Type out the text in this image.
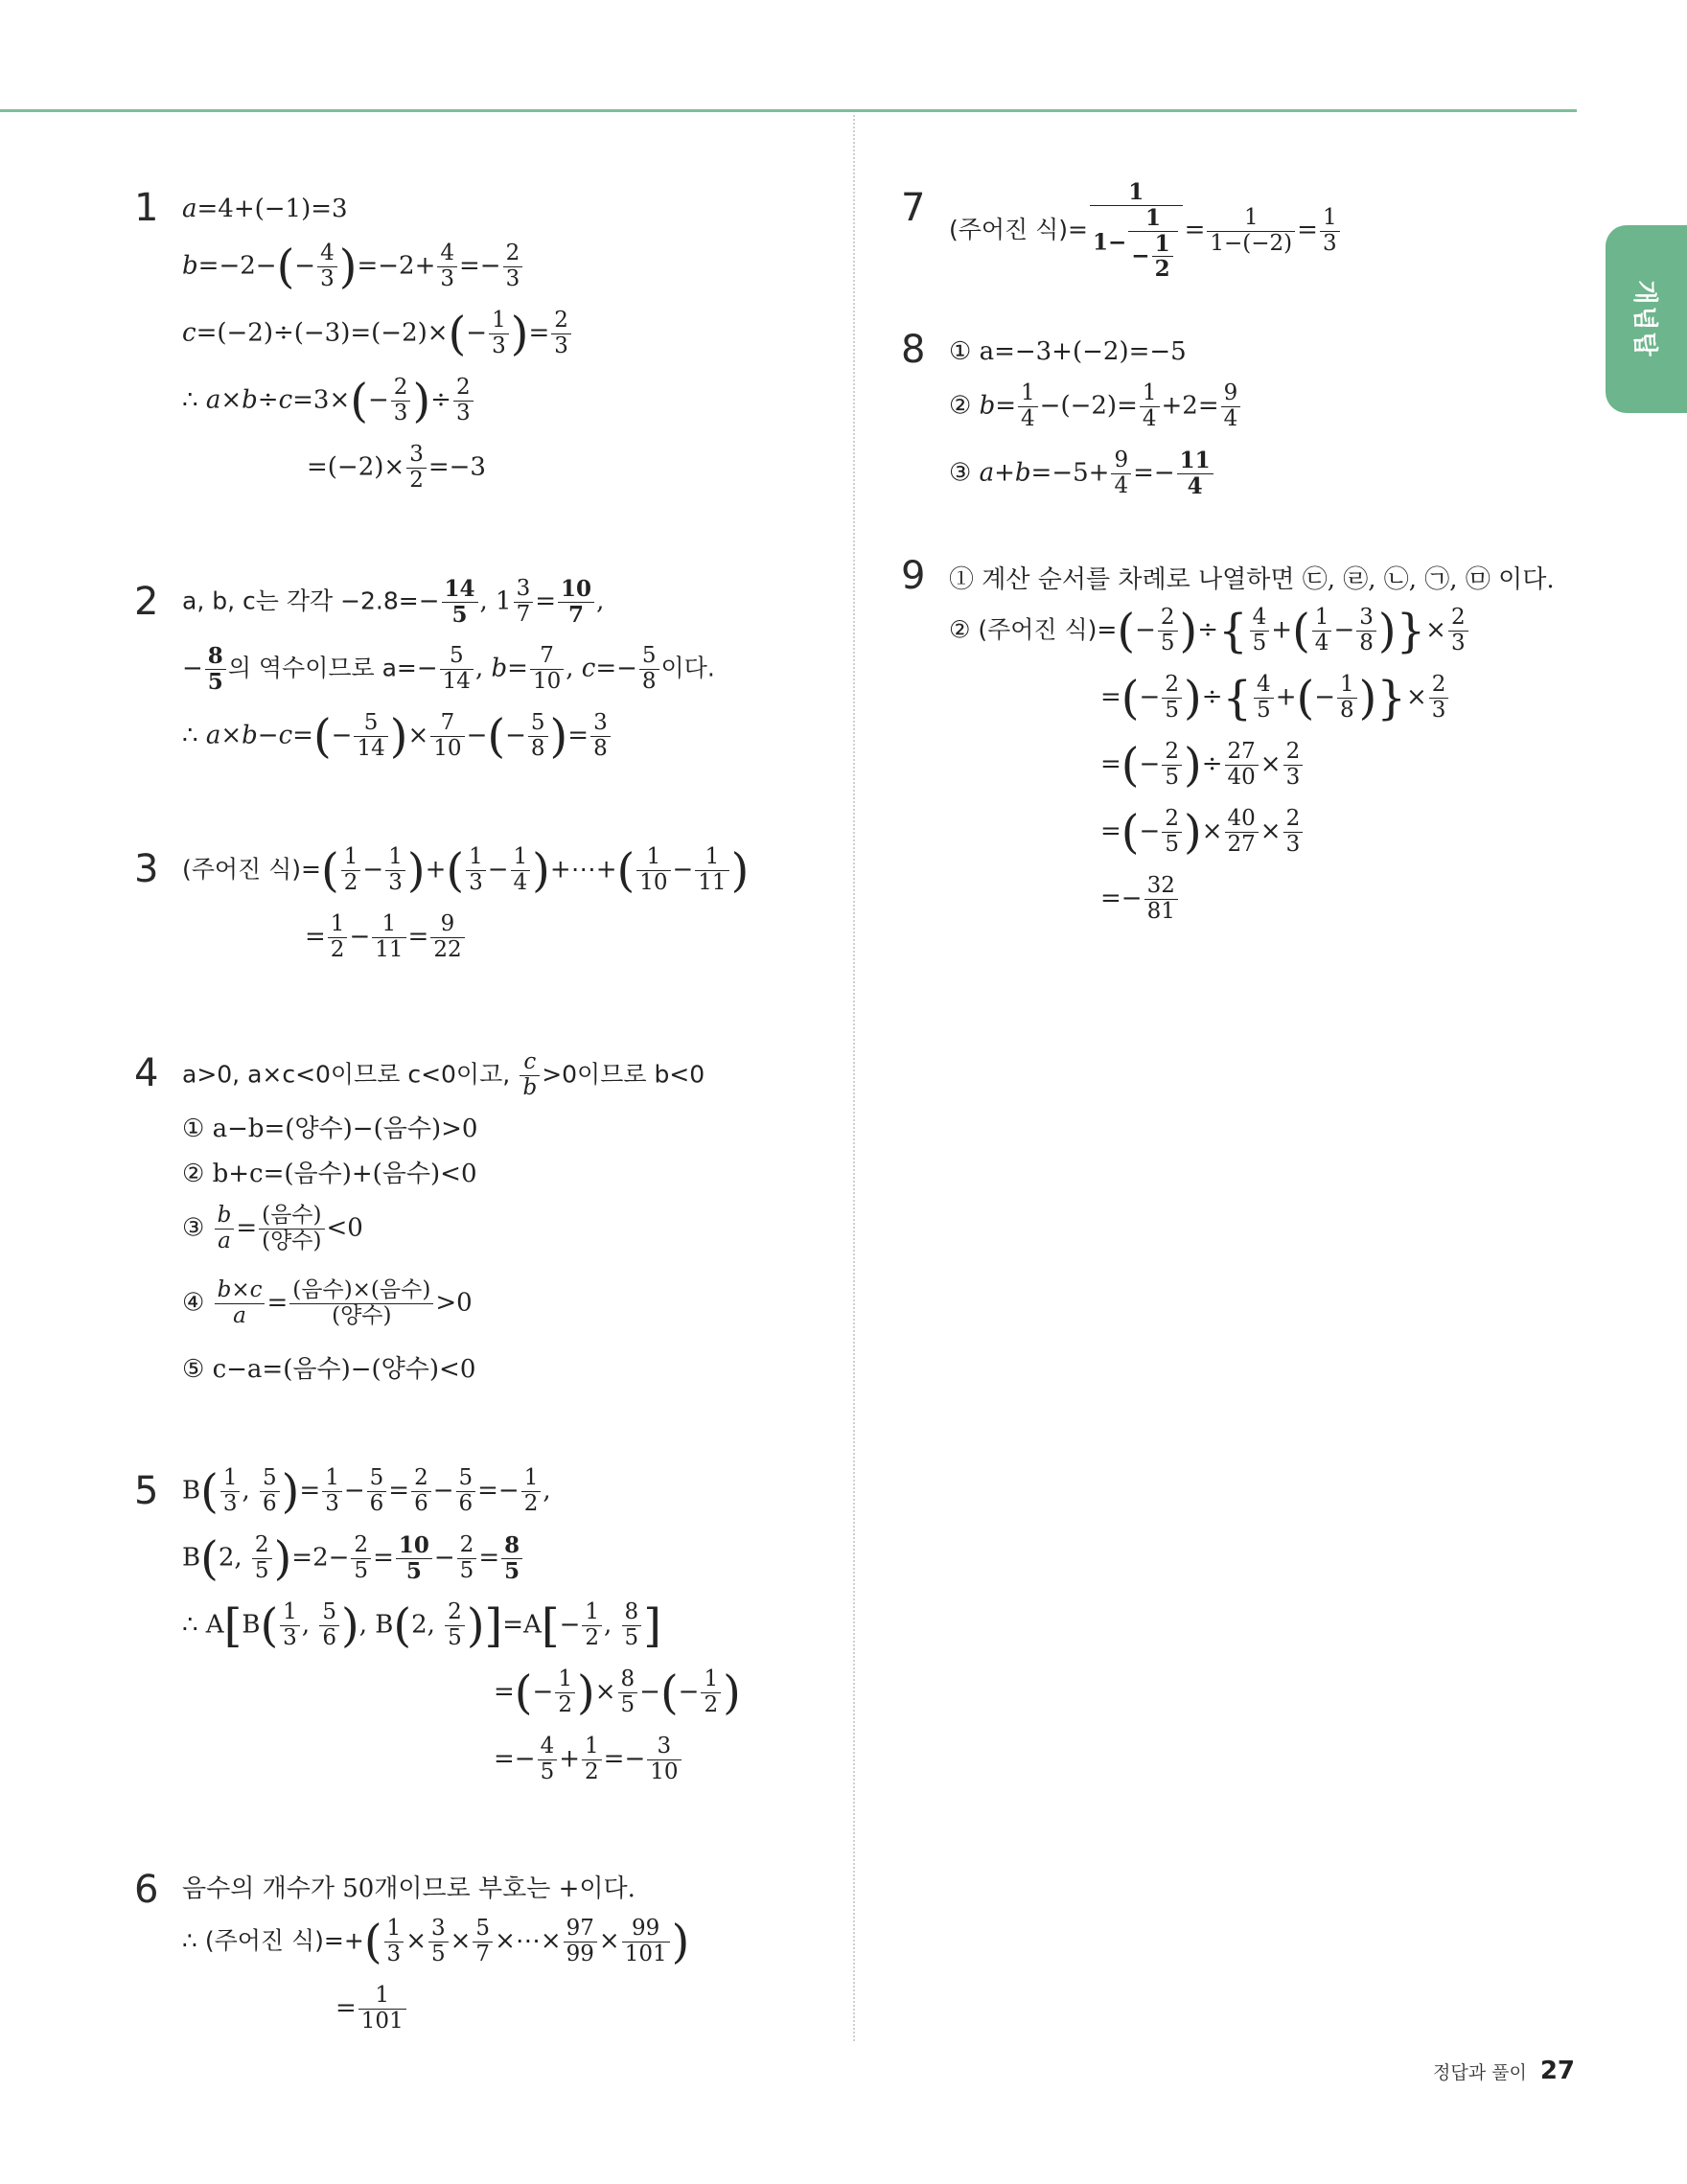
개념탑
1 a=4+(−1)=3
$b=-2-(- \frac{4}{3} )=-2+ \frac{4}{3} =- \frac{2}{3}$
$c=(-2)\div(-3)=(-2)\times(- \frac{1}{3}$ )= $\frac{2}{3}$
∴ $a\times b\div c=3\times(- \frac{2}{3}$ )÷ $\frac{2}{3}$
$=(-2)\times \frac{3}{2} =-3$
2 a, b, c는 각각 $-2.8=- \frac{14}{5}$ , $1 \frac{3}{7} = \frac{10}{7}$ ,
− $\frac{8}{5}$ 의 역수이므로 $a=- \frac{5}{14}$ , $b= \frac{7}{10}$ , $c=- \frac{5}{8}$ 이다.
∴ $a\times b-c=(- \frac{5}{14}$ )× $\frac{7}{10}$ −(− $\frac{5}{8}$ )= $\frac{3}{8}$
3 (주어진 식)=( $\frac{1}{2} - \frac{1}{3}$ )+( $\frac{1}{3} - \frac{1}{4}$ )+⋯+( $\frac{1}{10} - \frac{1}{11}$ )
= $\frac{1}{2} - \frac{1}{11} = \frac{9}{22}$
4 a>0, a×c<0이므로 c<0이고, $\frac{c}{b} >0$이므로 b<0
① a−b=(양수)−(음수)>0
② b+c=(음수)+(음수)<0
③ $\frac{b}{a}$ = (음수)
(양수) <0
④ $\frac{b\times c}{a}$ = (음수)×(음수)
(양수)	>0
⑤ c−a=(음수)−(양수)<0
5 $B( \frac{1}{3}$ , $\frac{5}{6}$ )= $\frac{1}{3} - \frac{5}{6} = \frac{2}{6} - \frac{5}{6} =- \frac{1}{2}$ ,
B(2, $\frac{2}{5} )=2- \frac{2}{5} = \frac{10}{5} - \frac{2}{5} = \frac{8}{5}$
∴ $A[B( \frac{1}{3}$ , $\frac{5}{6}$ ), B(2, $\frac{2}{5} )]=A[- \frac{1}{2}$ , $\frac{8}{5}$ ]
=(− $\frac{1}{2}$ )× $\frac{8}{5}$ −(− $\frac{1}{2}$ )
=− $\frac{4}{5} + \frac{1}{2} =- \frac{3}{10}$
6 음수의 개수가 50개이므로 부호는 +이다.
∴ (주어진 식)=+( $\frac{1}{3} \times \frac{3}{5} \times \frac{5}{7}$ ×⋯× $\frac{97}{99} \times \frac{99}{101}$ )
= $\frac{1}{101}$
7 (주어진 식)= $\frac{1}{1- \frac{1}{- \frac{1}{2}}} = \frac{1}{1-(-2)} = \frac{1}{3}$
8 ① a=−3+(−2)=−5
② $b= \frac{1}{4} -(-2)= \frac{1}{4} +2= \frac{9}{4}$
③ $a+b=-5+ \frac{9}{4} =- \frac{11}{4}$
9 ① 계산 순서를 차례로 나열하면 ㉢, ㉣, ㉡, ㉠, ㉤ 이다.
② (주어진 식)=(− $\frac{2}{5}$ )÷{ $\frac{4}{5}$ +( $\frac{1}{4} - \frac{3}{8}$ )}× $\frac{2}{3}$
=(− $\frac{2}{5}$ )÷{ $\frac{4}{5}$ +(− $\frac{1}{8}$ )}× $\frac{2}{3}$
=(− $\frac{2}{5}$ )÷ $\frac{27}{40} \times \frac{2}{3}$
=(− $\frac{2}{5}$ )× $\frac{40}{27} \times \frac{2}{3}$
=− $\frac{32}{81}$
정답과 풀이 27
